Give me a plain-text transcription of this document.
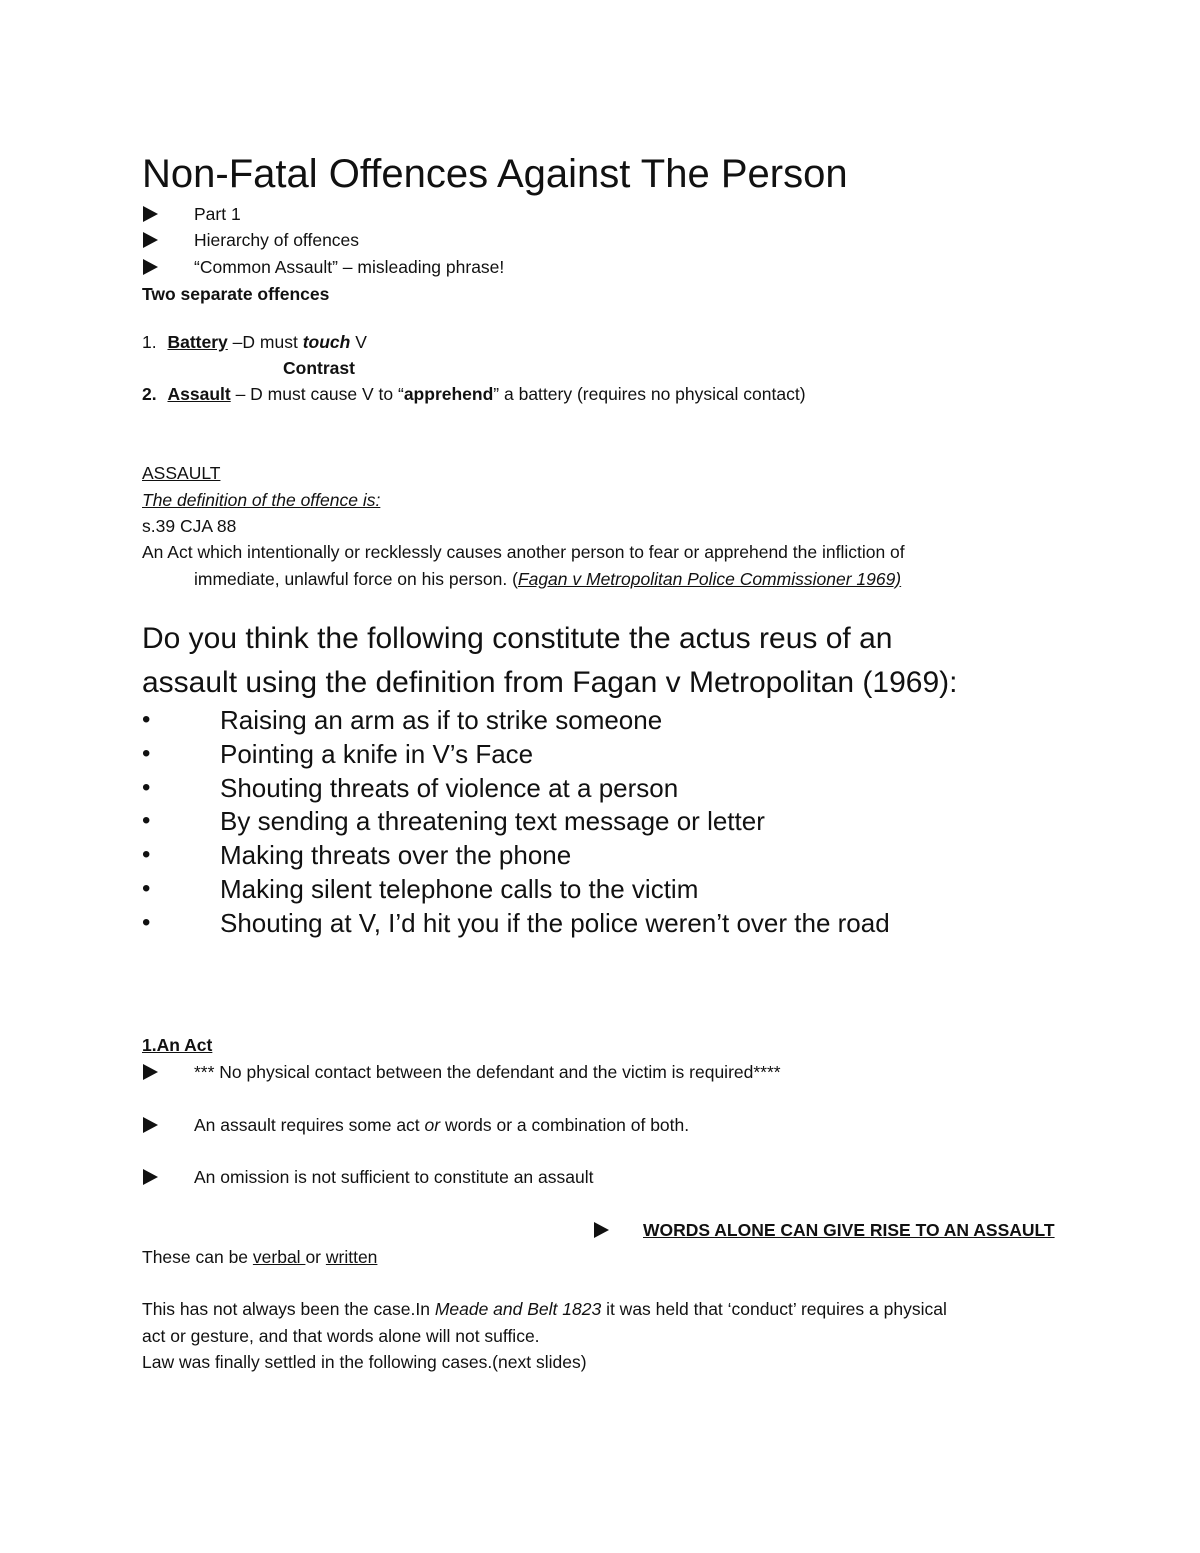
Non-Fatal Offences Against The Person
Part 1
Hierarchy of offences
“Common Assault” – misleading phrase!
Two separate offences
1. Battery –D must touch V
Contrast
2. Assault – D must cause V to “apprehend” a battery (requires no physical contact)
ASSAULT
The definition of the offence is:
s.39 CJA 88
An Act which intentionally or recklessly causes another person to fear or apprehend the infliction of
immediate, unlawful force on his person. (Fagan v Metropolitan Police Commissioner 1969)
Do you think the following constitute the actus reus of an
assault using the definition from Fagan v Metropolitan (1969):
•	Raising an arm as if to strike someone
•	Pointing a knife in V’s Face
•	Shouting threats of violence at a person
•	By sending a threatening text message or letter
•	Making threats over the phone
•	Making silent telephone calls to the victim
•	Shouting at V, I’d hit you if the police weren’t over the road
1.An Act
*** No physical contact between the defendant and the victim is required****
An assault requires some act or words or a combination of both.
An omission is not sufficient to constitute an assault
WORDS ALONE CAN GIVE RISE TO AN ASSAULT
These can be verbal or written
This has not always been the case.In Meade and Belt 1823 it was held that ‘conduct’ requires a physical
act or gesture, and that words alone will not suffice.
Law was finally settled in the following cases.(next slides)
